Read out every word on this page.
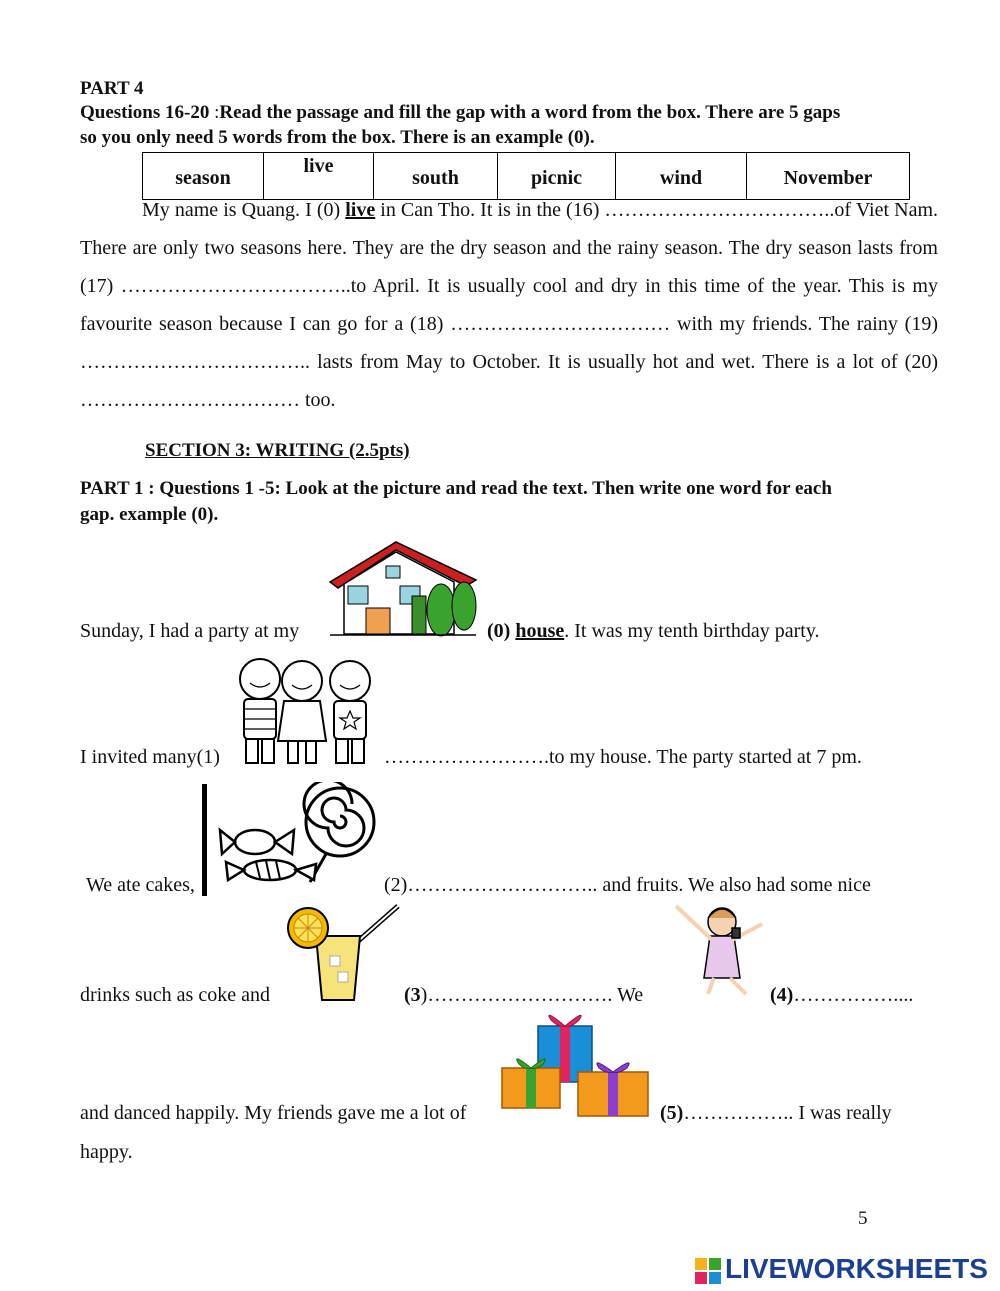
PART 4
Questions 16-20 :Read the passage and fill the gap with a word from the box. There are 5 gaps
so you only need 5 words from the box. There is an example (0).
season	live	south	picnic	wind	November
My name is Quang. I (0) live in Can Tho. It is in the (16) ……………………………..of Viet Nam. There are only two seasons here. They are the dry season and the rainy season. The dry season lasts from (17) ……………………………..to April. It is usually cool and dry in this time of the year. This is my favourite season because I can go for a (18) …………………………… with my friends. The rainy (19) …………………………….. lasts from May to October. It is usually hot and wet. There is a lot of (20) …………………………… too.
SECTION 3: WRITING (2.5pts)
PART 1 : Questions 1 -5: Look at the picture and read the text. Then write one word for each
gap. example (0).
Sunday, I had a party at my	(0) house. It was my tenth birthday party.
I invited many(1)	…………………….to my house. The party started at 7 pm.
We ate cakes,	(2)……………………….. and fruits. We also had some nice
drinks such as coke and	(3)………………………. We	(4)……………....
and danced happily. My friends gave me a lot of	(5)…………….. I was really
happy.
5
LIVEWORKSHEETS
